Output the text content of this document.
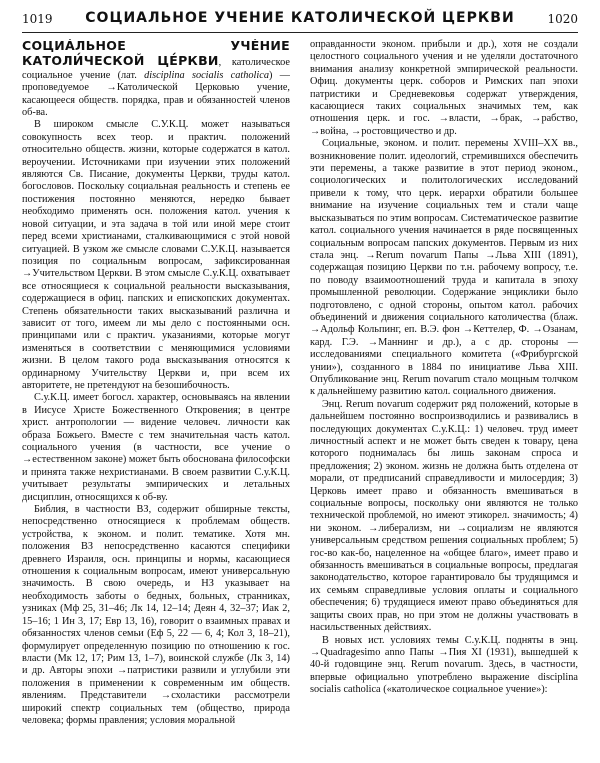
1019	СОЦИАЛЬНОЕ УЧЕНИЕ КАТОЛИЧЕСКОЙ ЦЕРКВИ	1020

СОЦИА́ЛЬНОЕ УЧЕ́НИЕ КАТОЛИ́ЧЕСКОЙ ЦЕ́РКВИ, католическое социальное учение (лат. disciplina socialis catholica) — проповедуемое →Католической Церковью учение, касающееся обществ. порядка, прав и обязанностей членов об-ва.

В широком смысле С.У.К.Ц. может называться совокупность всех теор. и практич. положений относительно обществ. жизни, которые содержатся в катол. вероучении. Источниками при изучении этих положений являются Св. Писание, документы Церкви, труды катол. богословов. Поскольку социальная реальность и степень ее постижения постоянно меняются, нередко бывает необходимо применять осн. положения катол. учения к новой ситуации, и эта задача в той или иной мере стоит перед всеми христианами, сталкивающимися с этой новой ситуацией. В узком же смысле словами С.У.К.Ц. называется позиция по социальным вопросам, зафиксированная →Учительством Церкви. В этом смысле С.у.К.Ц. охватывает все относящиеся к социальной реальности высказывания, содержащиеся в офиц. папских и епископских документах. Степень обязательности таких высказываний различна и зависит от того, имеем ли мы дело с постоянными осн. принципами или с практич. указаниями, которые могут изменяться в соответствии с меняющимися условиями жизни. В целом такого рода высказывания относятся к ординарному Учительству Церкви и, при всем их авторитете, не претендуют на безошибочность.

С.у.К.Ц. имеет богосл. характер, основываясь на явлении в Иисусе Христе Божественного Откровения; в центре христ. антропологии — видение человеч. личности как образа Божьего. Вместе с тем значительная часть катол. социального учения (в частности, все учение о →естественном законе) может быть обоснована философски и принята также нехристианами. В своем развитии С.у.К.Ц. учитывает результаты эмпирических и летальных дисциплин, относящихся к об-ву.

Библия, в частности ВЗ, содержит обширные тексты, непосредственно относящиеся к проблемам обществ. устройства, к эконом. и полит. тематике. Хотя мн. положения ВЗ непосредственно касаются специфики древнего Израиля, осн. принципы и нормы, касающиеся отношения к социальным вопросам, имеют универсальную значимость. В свою очередь, и НЗ указывает на необходимость заботы о бедных, больных, странниках, узниках (Мф 25, 31–46; Лк 14, 12–14; Деян 4, 32–37; Иак 2, 15–16; 1 Ин 3, 17; Евр 13, 16), говорит о взаимных правах и обязанностях членов семьи (Еф 5, 22 — 6, 4; Кол 3, 18–21), формулирует определенную позицию по отношению к гос. власти (Мк 12, 17; Рим 13, 1–7), воинской службе (Лк 3, 14) и др. Авторы эпохи →патристики развили и углубили эти положения в применении к современным им обществ. явлениям. Представители →схоластики рассмотрели широкий спектр социальных тем (общество, природа человека; формы правления; условия моральной

оправданности эконом. прибыли и др.), хотя не создали целостного социального учения и не уделяли достаточного внимания анализу конкретной эмпирической реальности. Офиц. документы церк. соборов и Римских пап эпохи патристики и Средневековья содержат утверждения, касающиеся таких социальных значимых тем, как отношения церк. и гос. →власти, →брак, →рабство, →война, →ростовщичество и др.

Социальные, эконом. и полит. перемены XVIII–XX вв., возникновение полит. идеологий, стремившихся обеспечить эти перемены, а также развитие в этот период эконом., социологических и политологических исследований привели к тому, что церк. иерархи обратили большее внимание на изучение социальных тем и стали чаще высказываться по этим вопросам. Систематическое развитие катол. социального учения начинается в ряде посвященных социальным вопросам папских документов. Первым из них стала энц. →Rerum novarum Папы →Льва XIII (1891), содержащая позицию Церкви по т.н. рабочему вопросу, т.е. по поводу взаимоотношений труда и капитала в эпоху промышленной революции. Содержание энциклики было подготовлено, с одной стороны, опытом катол. рабочих объединений и движения социального католичества (блаж. →Адольф Кольпинг, еп. В.Э. фон →Кеттелер, Ф. →Озанам, кард. Г.Э. →Маннинг и др.), а с др. стороны — исследованиями специального комитета («Фрибургской унии»), созданного в 1884 по инициативе Льва XIII. Опубликование энц. Rerum novarum стало мощным толчком к дальнейшему развитию катол. социального движения.

Энц. Rerum novarum содержит ряд положений, которые в дальнейшем постоянно воспроизводились и развивались в последующих документах С.у.К.Ц.: 1) человеч. труд имеет личностный аспект и не может быть сведен к товару, цена которого поднималась бы лишь законам спроса и предложения; 2) эконом. жизнь не должна быть отделена от морали, от предписаний справедливости и милосердия; 3) Церковь имеет право и обязанность вмешиваться в социальные вопросы, поскольку они являются не только технической проблемой, но имеют этикорел. значимость; 4) ни эконом. →либерализм, ни →социализм не являются универсальным средством решения социальных проблем; 5) гос-во как-бо, нацеленное на «общее благо», имеет право и обязанность вмешиваться в социальные вопросы, предлагая законодательство, которое гарантировало бы трудящимся и их семьям справедливые условия оплаты и социального обеспечения; 6) трудящиеся имеют право объединяться для защиты своих прав, но при этом не должны участвовать в насильственных действиях.

В новых ист. условиях темы С.у.К.Ц. подняты в энц. →Quadragesimo anno Папы →Пия XI (1931), вышедшей к 40-й годовщине энц. Rerum novarum. Здесь, в частности, впервые официально употреблено выражение disciplina socialis catholica («католическое социальное учение»):
